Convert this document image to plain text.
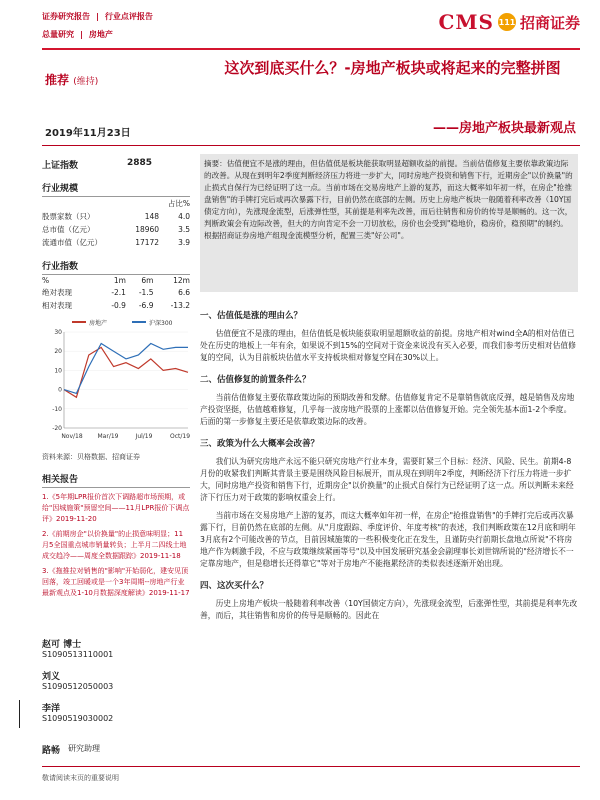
证券研究报告 | 行业点评报告
总量研究 | 房地产
CMS 111 招商证券
推荐 (维持)
这次到底买什么？-房地产板块或将起来的完整拼图
2019年11月23日	——房地产板块最新观点
上证指数	2885
行业规模
		占比%
股票家数（只）	148	4.0
总市值（亿元）	18960	3.5
流通市值（亿元）	17172	3.9
行业指数
%	1m	6m	12m
绝对表现	-2.1	-1.5	6.6
相对表现	-0.9	-6.9	-13.2
房地产	沪深300
30
20
10
0
-10
-20
Nov/18 Mar/19	Jul/19	Oct/19
资料来源：贝格数据、招商证券
相关报告
1.《5年期LPR报价首次下调路超市场预期，或给"因城施策"预留空间——11月LPR报价下调点评》2019-11-20
2.《前期房企"以价换量"的止损意味明显；11月5全国重点城市销量转负；上半月二四线土地成交趋冷——周度全数据跟踪》2019-11-18
3.《拖推拉对销售的"影响"开始弱化，建安见顶回落，竣工回暖或是一个3年周期--房地产行业最新观点及1-10月数据深度解读》2019-11-17
赵可 博士
S1090513110001
刘义
S1090512050003
李洋
S1090519030002
路畅 研究助理
摘要：估值便宜不是涨的理由，但估值低是板块能获取明显超额收益的前提。当前估值修复主要依靠政策边际的改善。从现在到明年2季度判断经济压力将进一步扩大，同时房地产投资和销售下行，近期房企"以价换量"的止损式自保行为已经证明了这一点。当前市场在交易房地产上游的复苏，而这大概率如年初一样，在房企"抢推盘销售"的手牌打完后或再次暴露下行，目前仍然在底部的左侧。历史上房地产板块一般随着利率改善（10Y国债定方向），先涨现金流型，后涨弹性型，其前提是利率先改善，而后往销售和房价的传导是顺畅的。这一次，判断政策会有边际改善，但大的方向肯定不会一刀切放松，房价也会受到"稳地价，稳房价，稳预期"的制约。根据招商证券房地产组现金流模型分析，配置三类"好公司"。
一、估值低是涨的理由么？

估值便宜不是涨的理由，但估值低是板块能获取明显超额收益的前提。房地产相对wind全A的相对估值已处在历史的地板上一年有余，如果说不到15%的空间对于资金来说没有买入必要，而我们参考历史相对估值修复的空间，认为目前板块估值水平支持板块相对修复空间在30%以上。

二、估值修复的前置条件么？

当前估值修复主要依靠政策边际的预期改善和发酵。估值修复肯定不是靠销售就底反弹，越是销售及房地产投资坚挺，估值越难修复，几乎每一波房地产股票的上涨都以估值修复开始。完全领先基本面1-2个季度。后面的第一步修复主要还是依靠政策边际的改善。

三、政策为什么大概率会改善？

我们认为研究房地产永远不能只研究房地产行业本身，需要盯紧三个目标：经济、风险、民生。前期4-8月份的收紧我们判断其背景主要是围绕风险目标展开，而从现在到明年2季度，判断经济下行压力将进一步扩大，同时房地产投资和销售下行，近期房企"以价换量"的止损式自保行为已经证明了这一点。所以判断未来经济下行压力对于政策的影响权重会上行。

当前市场在交易房地产上游的复苏，而这大概率如年初一样，在房企"抢推盘销售"的手牌打完后或再次暴露下行，目前仍然在底部的左侧。从"月度跟踪、季度评价、年度考核"的表述，我们判断政策在12月底和明年3月底有2个可能改善的节点，目前因城施策的一些积极变化正在发生，且谨防央行前期长盘地点所说"不将房地产作为刺激手段，不应与政策继续紧画等号"以及中国发展研究基金会副理事长刘世锦所说的"经济增长不一定靠房地产，但是稳增长还得靠它"等对于房地产不能拖累经济的类似表述逐渐开始出现。

四、这次买什么？

历史上房地产板块一般随着利率改善（10Y国债定方向），先涨现金流型，后涨弹性型，其前提是利率先改善，而后，其往销售和房价的传导是顺畅的。因此在

敬请阅读末页的重要说明
